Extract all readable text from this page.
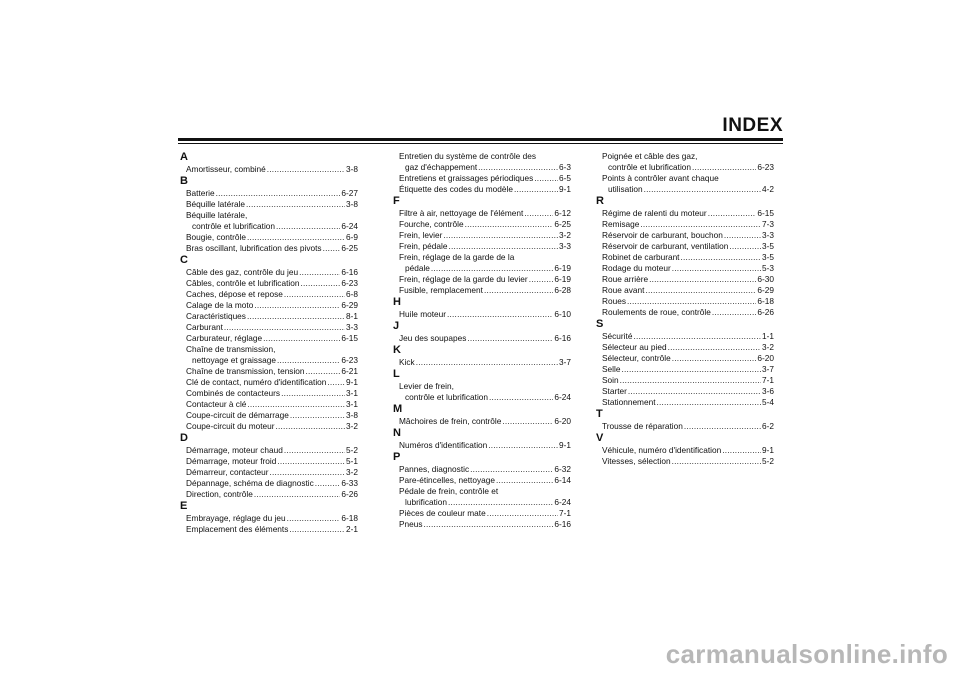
INDEX
A
Amortisseur, combiné .....	3-8
B
Batterie .....	6-27
Béquille latérale .....	3-8
Béquille latérale,
contrôle et lubrification .....	6-24
Bougie, contrôle .....	6-9
Bras oscillant, lubrification des pivots ..... 6-25
C
Câble des gaz, contrôle du jeu .....	6-16
Câbles, contrôle et lubrification .....	6-23
Caches, dépose et repose .....	6-8
Calage de la moto .....	6-29
Caractéristiques .....	8-1
Carburant .....	3-3
Carburateur, réglage .....	6-15
Chaîne de transmission,
nettoyage et graissage .....	6-23
Chaîne de transmission, tension .....	6-21
Clé de contact, numéro d'identification ..... 9-1
Combinés de contacteurs .....	3-1
Contacteur à clé .....	3-1
Coupe-circuit de démarrage .....	3-8
Coupe-circuit du moteur .....	3-2
D
Démarrage, moteur chaud .....	5-2
Démarrage, moteur froid .....	5-1
Démarreur, contacteur .....	3-2
Dépannage, schéma de diagnostic .....	6-33
Direction, contrôle .....	6-26
E
Embrayage, réglage du jeu .....	6-18
Emplacement des éléments .....	2-1
Entretien du système de contrôle des
gaz d'échappement .....	6-3
Entretiens et graissages périodiques .....	6-5
Étiquette des codes du modèle .....	9-1
F
Filtre à air, nettoyage de l'élément .....	6-12
Fourche, contrôle .....	6-25
Frein, levier .....	3-2
Frein, pédale .....	3-3
Frein, réglage de la garde de la
pédale .....	6-19
Frein, réglage de la garde du levier .....	6-19
Fusible, remplacement .....	6-28
H
Huile moteur .....	6-10
J
Jeu des soupapes .....	6-16
K
Kick .....	3-7
L
Levier de frein,
contrôle et lubrification .....	6-24
M
Mâchoires de frein, contrôle .....	6-20
N
Numéros d'identification .....	9-1
P
Pannes, diagnostic .....	6-32
Pare-étincelles, nettoyage .....	6-14
Pédale de frein, contrôle et
lubrification .....	6-24
Pièces de couleur mate .....	7-1
Pneus .....	6-16
Poignée et câble des gaz,
contrôle et lubrification .....	6-23
Points à contrôler avant chaque
utilisation .....	4-2
R
Régime de ralenti du moteur .....	6-15
Remisage .....	7-3
Réservoir de carburant, bouchon .....	3-3
Réservoir de carburant, ventilation .....	3-5
Robinet de carburant .....	3-5
Rodage du moteur .....	5-3
Roue arrière .....	6-30
Roue avant .....	6-29
Roues .....	6-18
Roulements de roue, contrôle .....	6-26
S
Sécurité .....	1-1
Sélecteur au pied .....	3-2
Sélecteur, contrôle .....	6-20
Selle .....	3-7
Soin .....	7-1
Starter .....	3-6
Stationnement .....	5-4
T
Trousse de réparation .....	6-2
V
Véhicule, numéro d'identification .....	9-1
Vitesses, sélection .....	5-2
carmanualsonline.info
